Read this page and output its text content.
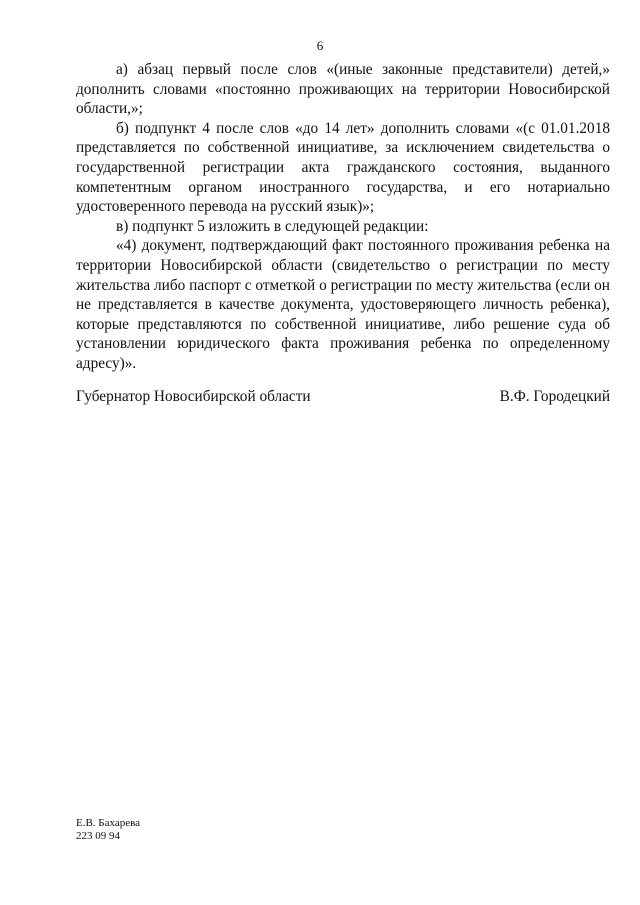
6

а) абзац первый после слов «(иные законные представители) детей,» дополнить словами «постоянно проживающих на территории Новосибирской области,»;

б) подпункт 4 после слов «до 14 лет» дополнить словами «(с 01.01.2018 представляется по собственной инициативе, за исключением свидетельства о государственной регистрации акта гражданского состояния, выданного компетентным органом иностранного государства, и его нотариально удостоверенного перевода на русский язык)»;

в) подпункт 5 изложить в следующей редакции:

«4) документ, подтверждающий факт постоянного проживания ребенка на территории Новосибирской области (свидетельство о регистрации по месту жительства либо паспорт с отметкой о регистрации по месту жительства (если он не представляется в качестве документа, удостоверяющего личность ребенка), которые представляются по собственной инициативе, либо решение суда об установлении юридического факта проживания ребенка по определенному адресу)».

Губернатор Новосибирской области	В.Ф. Городецкий
Е.В. Бахарева
223 09 94
